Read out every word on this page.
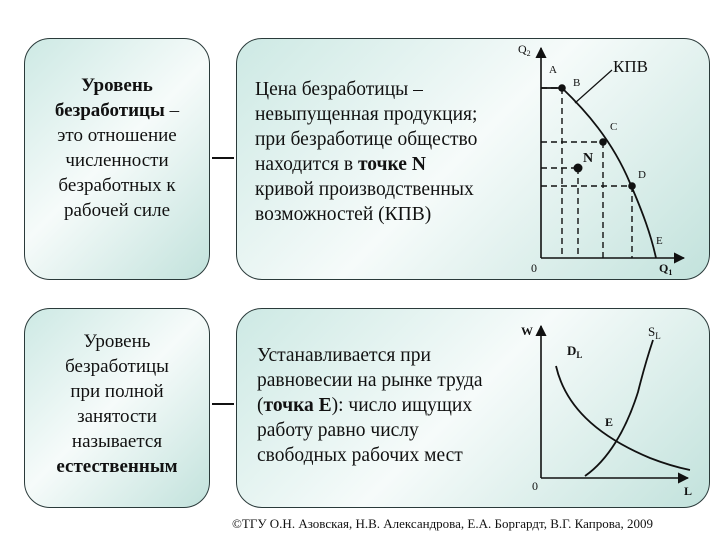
Уровень
безработицы –
это отношение
численности
безработных к
рабочей силе
Цена безработицы –
невыпущенная продукция;
при безработице общество
находится в точке N
кривой производственных
возможностей (КПВ)
Уровень
безработицы
при полной
занятости
называется
естественным
Устанавливается при
равновесии на рынке труда
(точка E): число ищущих
работу равно числу
свободных рабочих мест
$Q_2$
$Q_1$
0
КПВ
A
B
C
N
D
E
W
L
0
$S_L$
$D_L$
E
©ТГУ О.Н. Азовская, Н.В. Александрова, Е.А. Боргардт, В.Г. Капрова, 2009
